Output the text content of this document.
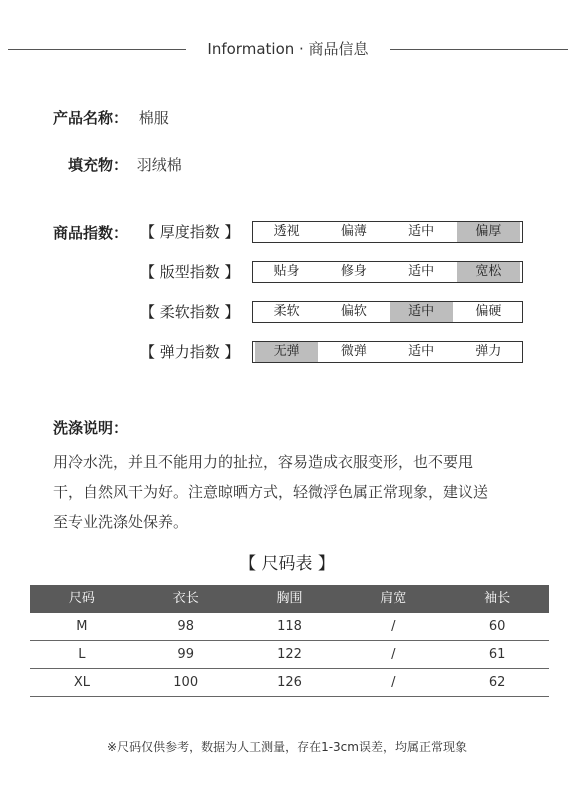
Information · 商品信息
产品名称： 棉服
填充物： 羽绒棉
商品指数： 【 厚度指数 】	透视	偏薄	适中	偏厚
【 版型指数 】	贴身	修身	适中	宽松
【 柔软指数 】	柔软	偏软	适中	偏硬
【 弹力指数 】	无弹	微弹	适中	弹力
洗涤说明：
用冷水洗，并且不能用力的扯拉，容易造成衣服变形，也不要甩
干，自然风干为好。注意晾晒方式，轻微浮色属正常现象，建议送
至专业洗涤处保养。
【 尺码表 】
尺码	衣长	胸围	肩宽	袖长
M	98	118	/	60
L	99	122	/	61
XL	100	126	/	62
※尺码仅供参考，数据为人工测量，存在1-3cm误差，均属正常现象
